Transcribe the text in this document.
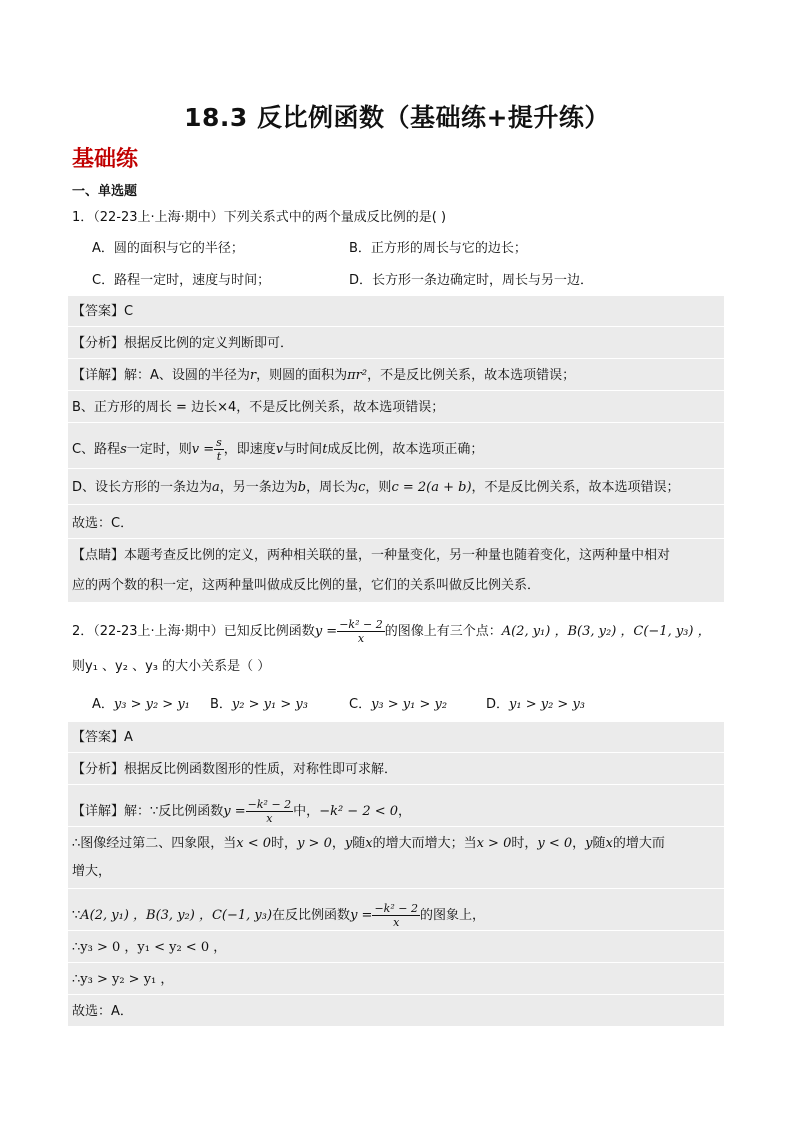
18.3 反比例函数（基础练+提升练）
基础练
一、单选题
1．（22-23上·上海·期中）下列关系式中的两个量成反比例的是( )
A．圆的面积与它的半径；	B．正方形的周长与它的边长；
C．路程一定时，速度与时间；	D．长方形一条边确定时，周长与另一边．
【答案】C
【分析】根据反比例的定义判断即可．
【详解】解：A、设圆的半径为r，则圆的面积为πr²，不是反比例关系，故本选项错误；
B、正方形的周长 = 边长×4，不是反比例关系，故本选项错误；
C、路程s一定时，则$v = \frac{s}{t}$ ，即速度v与时间t成反比例，故本选项正确；
D、设长方形的一条边为a，另一条边为b，周长为c，则c = 2(a + b)，不是反比例关系，故本选项错误；
故选：C．
【点睛】本题考查反比例的定义，两种相关联的量，一种量变化，另一种量也随着变化，这两种量中相对
应的两个数的积一定，这两种量叫做成反比例的量，它们的关系叫做反比例关系．
2．（22-23上·上海·期中）已知反比例函数$y = \frac{\text{−k² − 2}}{x}$ 的图像上有三个点：A(2, y₁) ，B(3, y₂) ，C(−1, y₃) ，
则y₁ 、y₂ 、y₃ 的大小关系是（ ）
A．y₃ > y₂ > y₁ B．y₂ > y₁ > y₃	C．y₃ > y₁ > y₂	D．y₁ > y₂ > y₃
【答案】A
【分析】根据反比例函数图形的性质，对称性即可求解．
【详解】解：∵反比例函数$y = \frac{\text{−k² − 2}}{x}$ 中，−k² − 2 < 0，
∴图像经过第二、四象限，当x < 0时，y > 0，y随x的增大而增大；当x > 0时，y < 0，y随x的增大而
增大，
∵A(2, y₁) ，B(3, y₂) ，C(−1, y₃)在反比例函数$y = \frac{\text{−k² − 2}}{x}$ 的图象上，
∴y₃ > 0 ，y₁ < y₂ < 0 ，
∴y₃ > y₂ > y₁ ，
故选：A．
